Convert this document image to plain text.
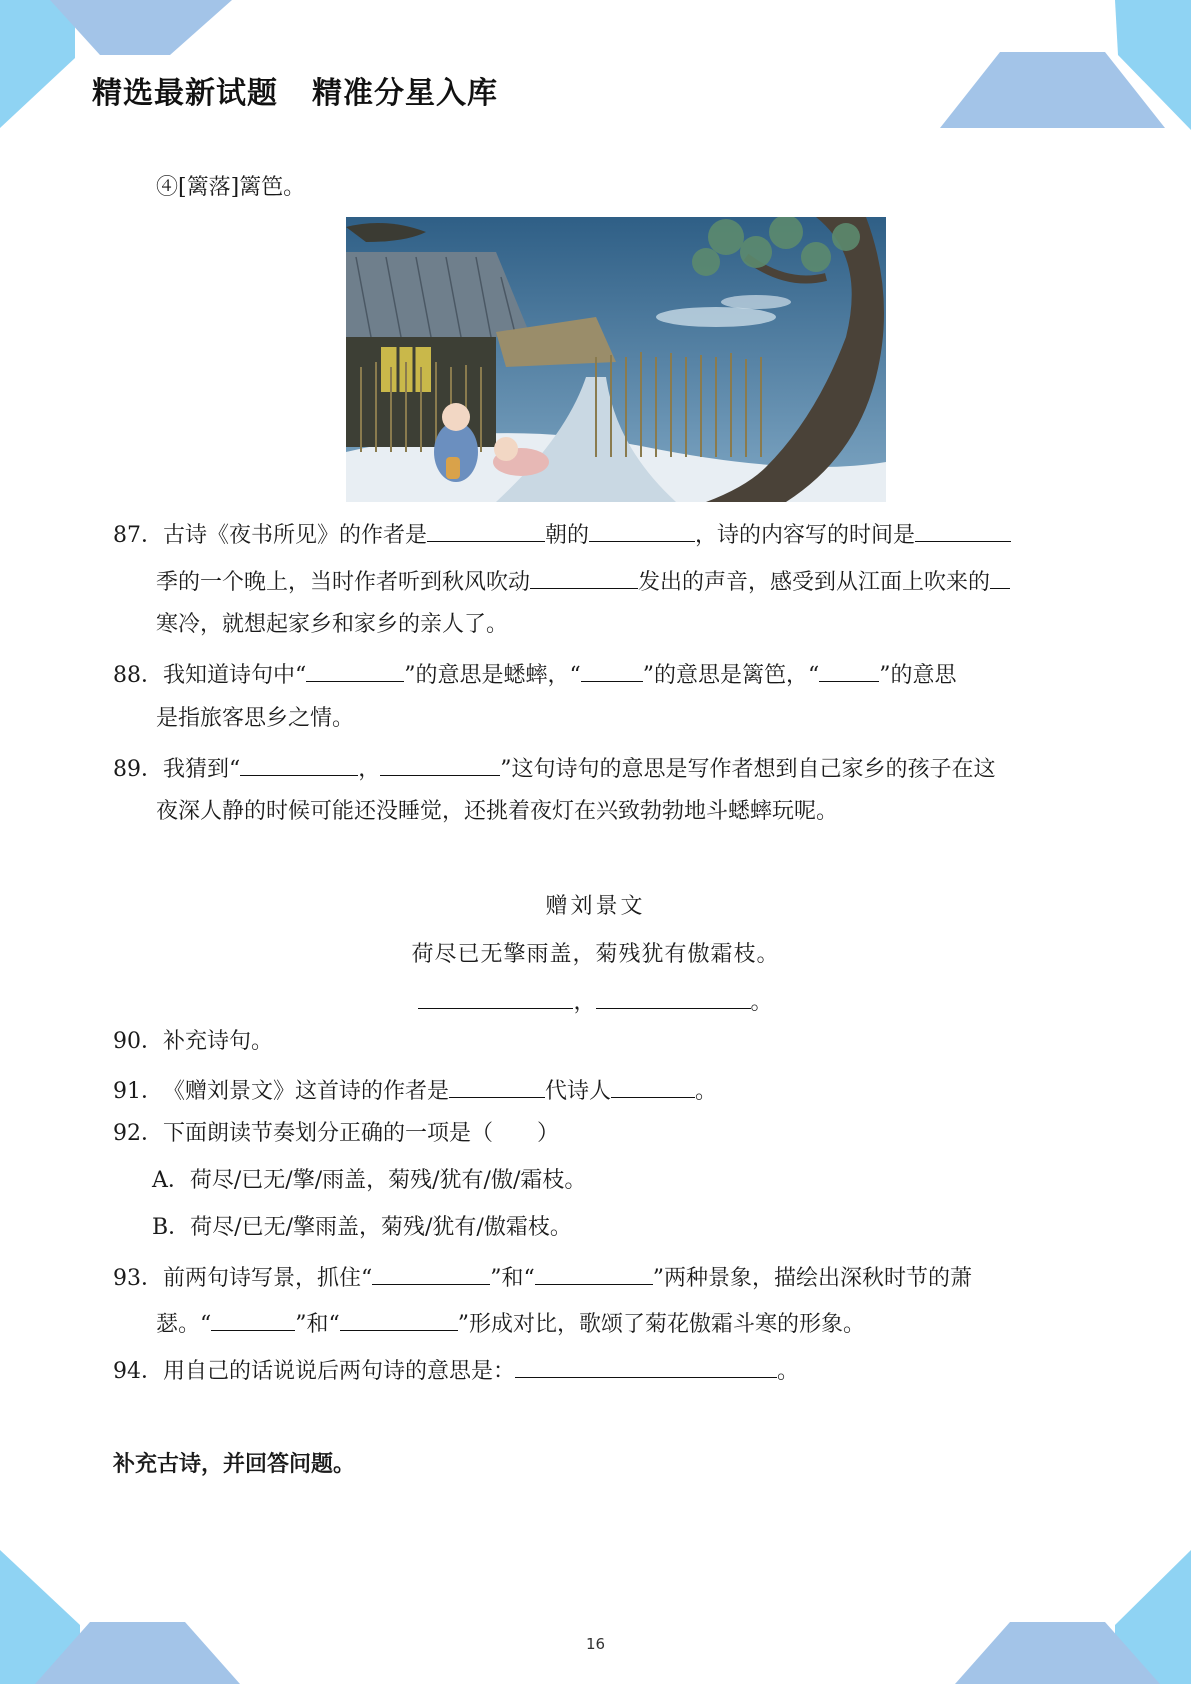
精选最新试题 精准分星入库
④[篱落]篱笆。
87．古诗《夜书所见》的作者是	朝的	，诗的内容写的时间是
季的一个晚上，当时作者听到秋风吹动	发出的声音，感受到从江面上吹来的
寒冷，就想起家乡和家乡的亲人了。
88．我知道诗句中“	”的意思是蟋蟀，“	”的意思是篱笆，“	”的意思
是指旅客思乡之情。
89．我猜到“	，	”这句诗句的意思是写作者想到自己家乡的孩子在这
夜深人静的时候可能还没睡觉，还挑着夜灯在兴致勃勃地斗蟋蟀玩呢。
赠刘景文
荷尽已无擎雨盖，菊残犹有傲霜枝。
，	。
90．补充诗句。
91．《赠刘景文》这首诗的作者是	代诗人	。
92．下面朗读节奏划分正确的一项是（　　）
A．荷尽/已无/擎/雨盖，菊残/犹有/傲/霜枝。
B．荷尽/已无/擎雨盖，菊残/犹有/傲霜枝。
93．前两句诗写景，抓住“	”和“	”两种景象，描绘出深秋时节的萧
瑟。“	”和“	”形成对比，歌颂了菊花傲霜斗寒的形象。
94．用自己的话说说后两句诗的意思是：	。
补充古诗，并回答问题。
16
